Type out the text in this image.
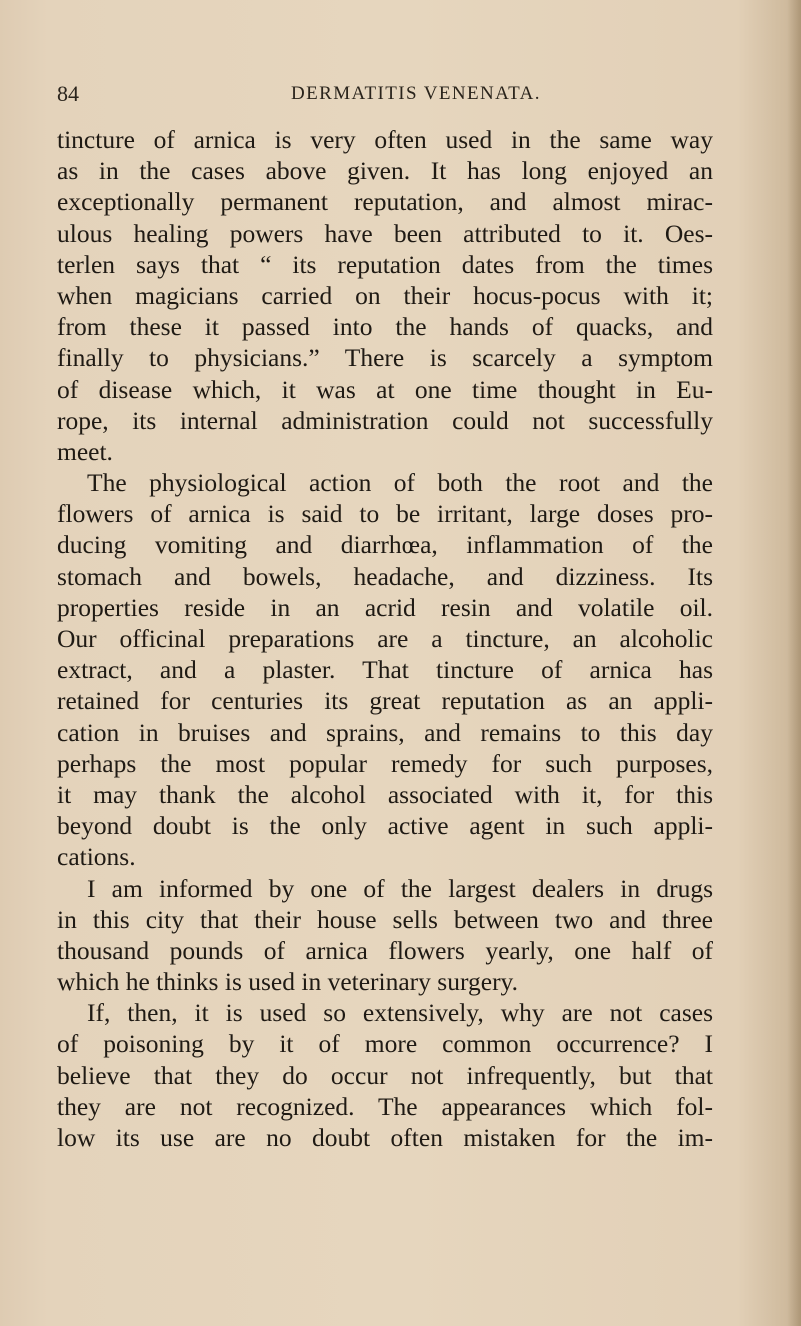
84	DERMATITIS VENENATA.
tincture of arnica is very often used in the same way
as in the cases above given. It has long enjoyed an
exceptionally permanent reputation, and almost mirac-
ulous healing powers have been attributed to it. Oes-
terlen says that “ its reputation dates from the times
when magicians carried on their hocus-pocus with it;
from these it passed into the hands of quacks, and
finally to physicians.” There is scarcely a symptom
of disease which, it was at one time thought in Eu-
rope, its internal administration could not successfully
meet.
The physiological action of both the root and the
flowers of arnica is said to be irritant, large doses pro-
ducing vomiting and diarrhœa, inflammation of the
stomach and bowels, headache, and dizziness. Its
properties reside in an acrid resin and volatile oil.
Our officinal preparations are a tincture, an alcoholic
extract, and a plaster. That tincture of arnica has
retained for centuries its great reputation as an appli-
cation in bruises and sprains, and remains to this day
perhaps the most popular remedy for such purposes,
it may thank the alcohol associated with it, for this
beyond doubt is the only active agent in such appli-
cations.
I am informed by one of the largest dealers in drugs
in this city that their house sells between two and three
thousand pounds of arnica flowers yearly, one half of
which he thinks is used in veterinary surgery.
If, then, it is used so extensively, why are not cases
of poisoning by it of more common occurrence? I
believe that they do occur not infrequently, but that
they are not recognized. The appearances which fol-
low its use are no doubt often mistaken for the im-
